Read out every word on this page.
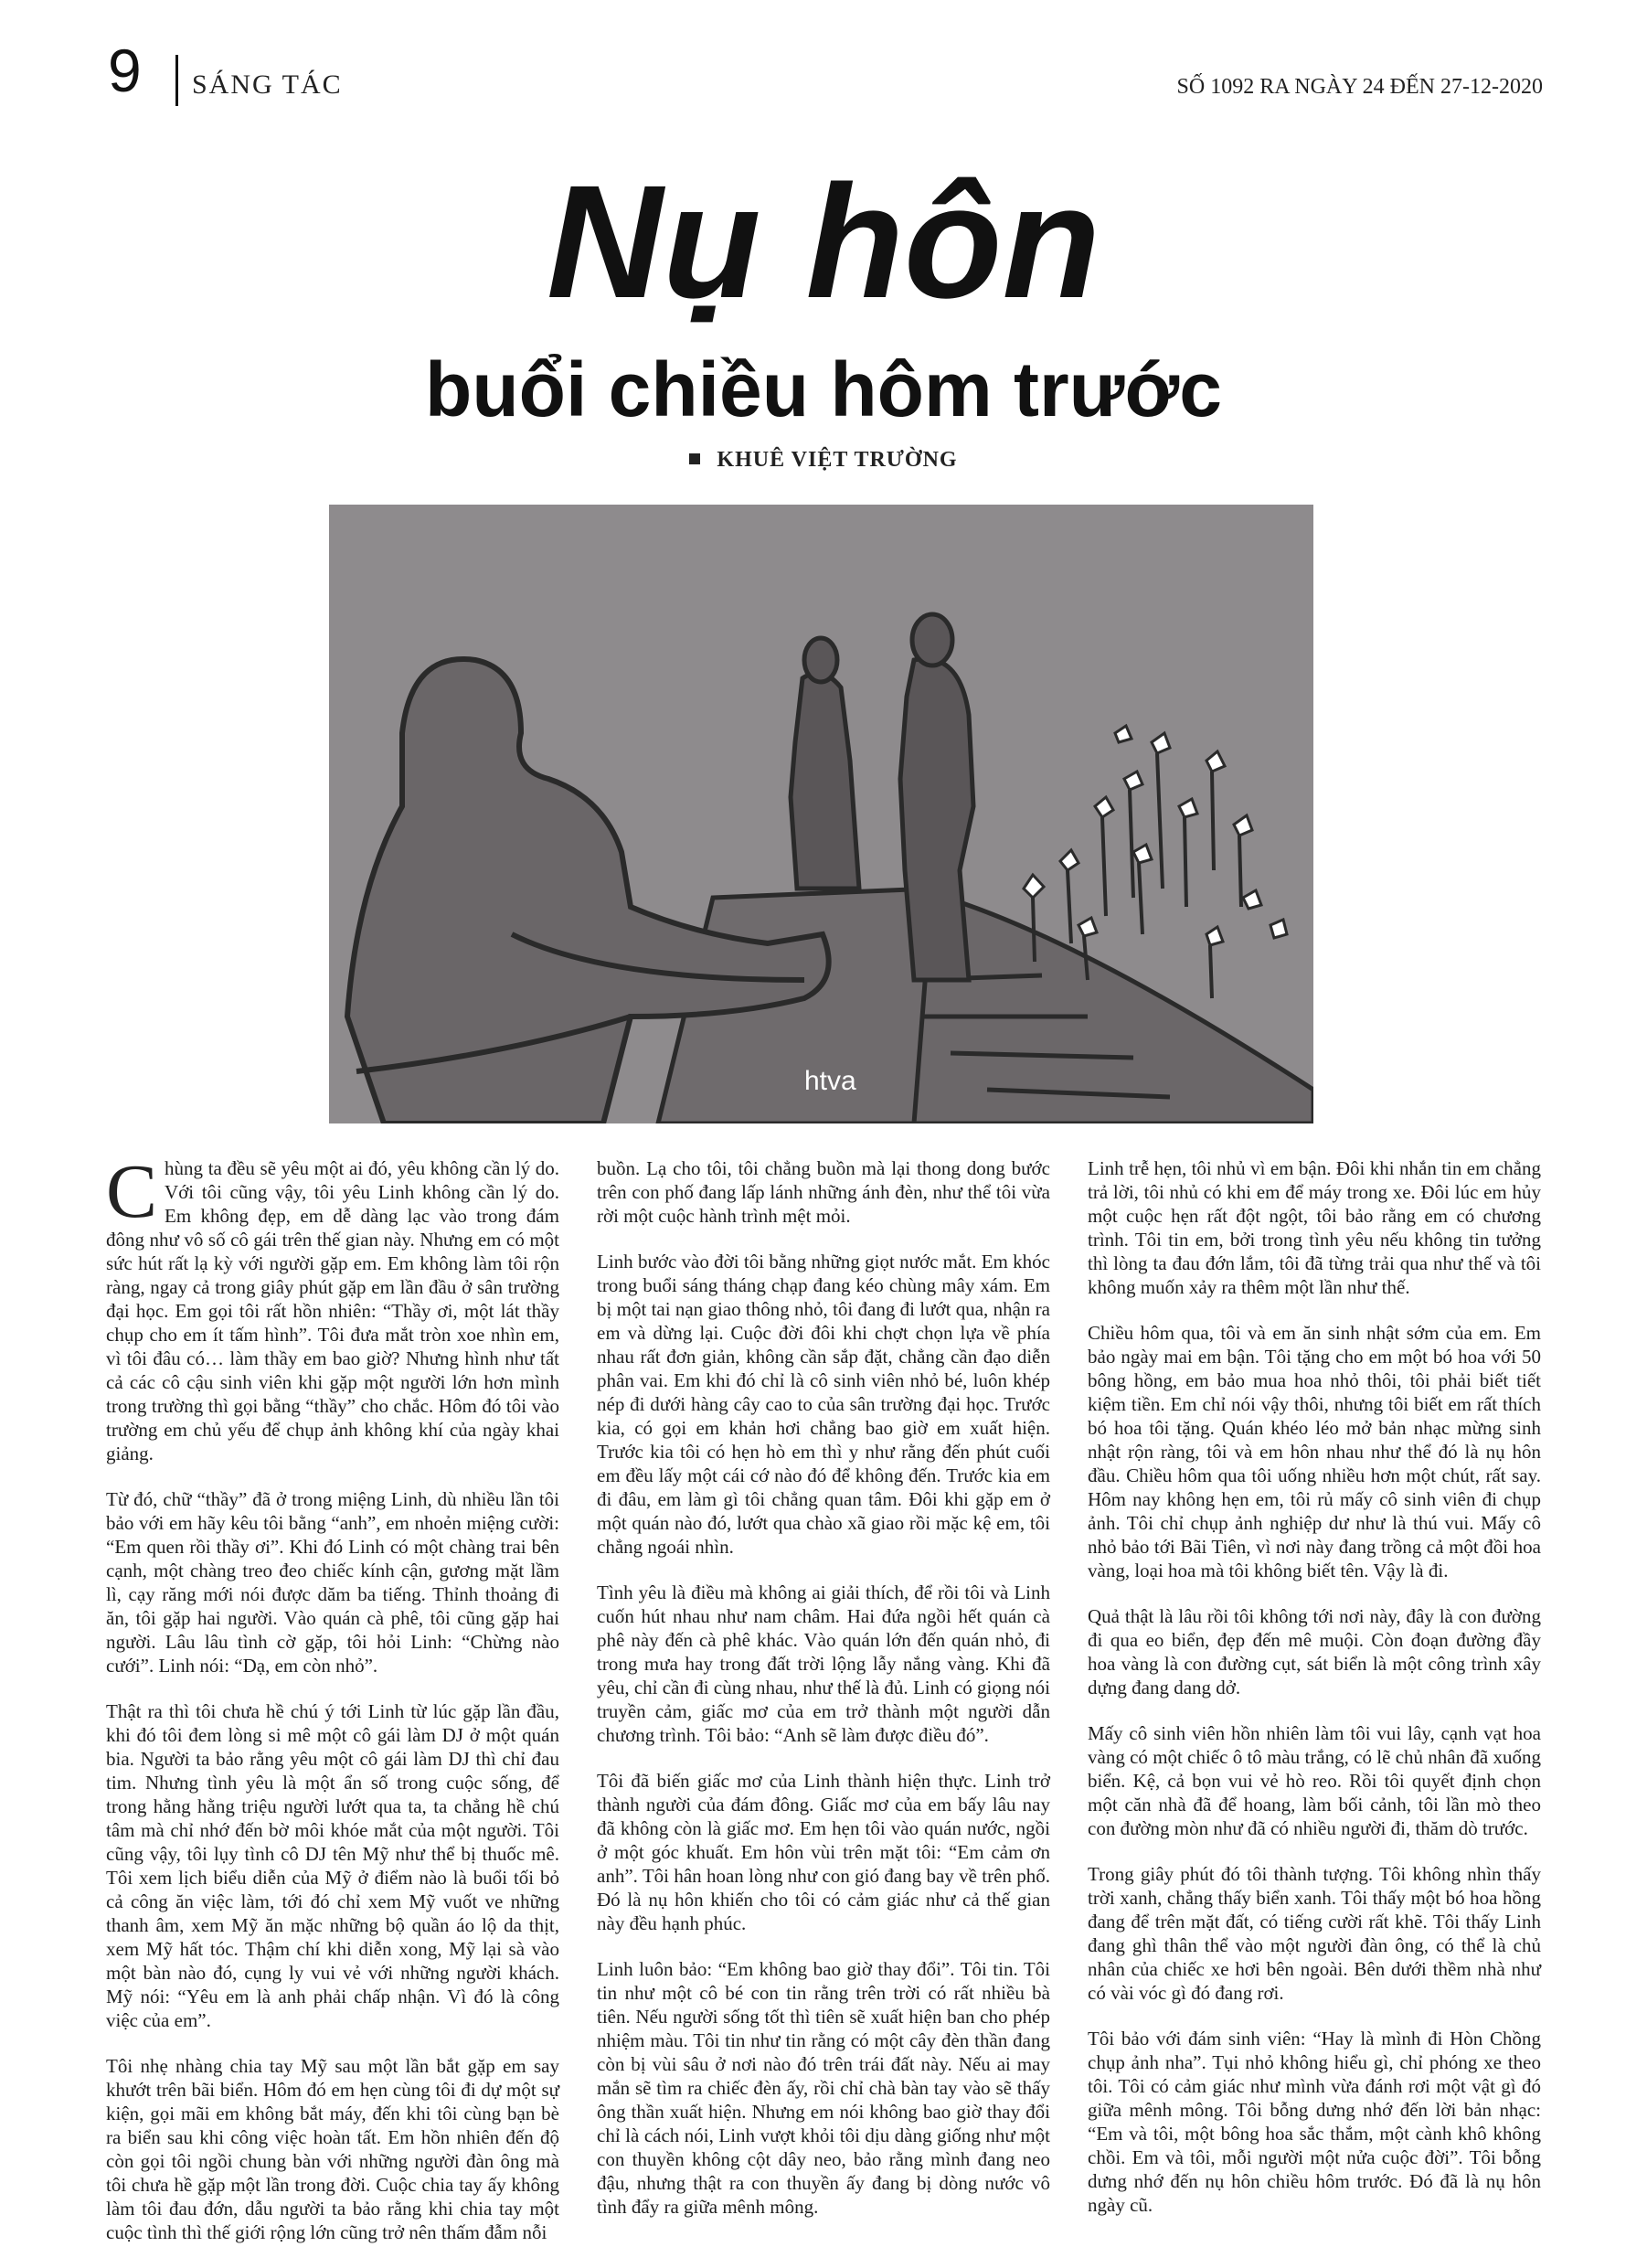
9 SÁNG TÁC	SỐ 1092 RA NGÀY 24 ĐẾN 27-12-2020
Nụ hôn
buổi chiều hôm trước
KHUÊ VIỆT TRƯỜNG
htva

Chùng ta đều sẽ yêu một ai đó, yêu không cần lý do. Với tôi cũng vậy, tôi yêu Linh không cần lý do. Em không đẹp, em dễ dàng lạc vào trong đám đông như vô số cô gái trên thế gian này. Nhưng em có một sức hút rất lạ kỳ với người gặp em. Em không làm tôi rộn ràng, ngay cả trong giây phút gặp em lần đầu ở sân trường đại học. Em gọi tôi rất hồn nhiên: “Thầy ơi, một lát thầy chụp cho em ít tấm hình”. Tôi đưa mắt tròn xoe nhìn em, vì tôi đâu có… làm thầy em bao giờ? Nhưng hình như tất cả các cô cậu sinh viên khi gặp một người lớn hơn mình trong trường thì gọi bằng “thầy” cho chắc. Hôm đó tôi vào trường em chủ yếu để chụp ảnh không khí của ngày khai giảng.

Từ đó, chữ “thầy” đã ở trong miệng Linh, dù nhiều lần tôi bảo với em hãy kêu tôi bằng “anh”, em nhoẻn miệng cười: “Em quen rồi thầy ơi”. Khi đó Linh có một chàng trai bên cạnh, một chàng treo đeo chiếc kính cận, gương mặt lầm lì, cạy răng mới nói được dăm ba tiếng. Thỉnh thoảng đi ăn, tôi gặp hai người. Vào quán cà phê, tôi cũng gặp hai người. Lâu lâu tình cờ gặp, tôi hỏi Linh: “Chừng nào cưới”. Linh nói: “Dạ, em còn nhỏ”.

Thật ra thì tôi chưa hề chú ý tới Linh từ lúc gặp lần đầu, khi đó tôi đem lòng si mê một cô gái làm DJ ở một quán bia. Người ta bảo rằng yêu một cô gái làm DJ thì chỉ đau tim. Nhưng tình yêu là một ẩn số trong cuộc sống, để trong hằng hằng triệu người lướt qua ta, ta chẳng hề chú tâm mà chỉ nhớ đến bờ môi khóe mắt của một người. Tôi cũng vậy, tôi lụy tình cô DJ tên Mỹ như thể bị thuốc mê. Tôi xem lịch biểu diễn của Mỹ ở điểm nào là buổi tối bỏ cả công ăn việc làm, tới đó chỉ xem Mỹ vuốt ve những thanh âm, xem Mỹ ăn mặc những bộ quần áo lộ da thịt, xem Mỹ hất tóc. Thậm chí khi diễn xong, Mỹ lại sà vào một bàn nào đó, cụng ly vui vẻ với những người khách. Mỹ nói: “Yêu em là anh phải chấp nhận. Vì đó là công việc của em”.

Tôi nhẹ nhàng chia tay Mỹ sau một lần bắt gặp em say khướt trên bãi biển. Hôm đó em hẹn cùng tôi đi dự một sự kiện, gọi mãi em không bắt máy, đến khi tôi cùng bạn bè ra biển sau khi công việc hoàn tất. Em hồn nhiên đến độ còn gọi tôi ngồi chung bàn với những người đàn ông mà tôi chưa hề gặp một lần trong đời. Cuộc chia tay ấy không làm tôi đau đớn, dẫu người ta bảo rằng khi chia tay một cuộc tình thì thế giới rộng lớn cũng trở nên thấm đẫm nỗi

buồn. Lạ cho tôi, tôi chẳng buồn mà lại thong dong bước trên con phố đang lấp lánh những ánh đèn, như thể tôi vừa rời một cuộc hành trình mệt mỏi.

Linh bước vào đời tôi bằng những giọt nước mắt. Em khóc trong buổi sáng tháng chạp đang kéo chùng mây xám. Em bị một tai nạn giao thông nhỏ, tôi đang đi lướt qua, nhận ra em và dừng lại. Cuộc đời đôi khi chợt chọn lựa về phía nhau rất đơn giản, không cần sắp đặt, chẳng cần đạo diễn phân vai. Em khi đó chỉ là cô sinh viên nhỏ bé, luôn khép nép đi dưới hàng cây cao to của sân trường đại học. Trước kia, có gọi em khản hơi chẳng bao giờ em xuất hiện. Trước kia tôi có hẹn hò em thì y như rằng đến phút cuối em đều lấy một cái cớ nào đó để không đến. Trước kia em đi đâu, em làm gì tôi chẳng quan tâm. Đôi khi gặp em ở một quán nào đó, lướt qua chào xã giao rồi mặc kệ em, tôi chẳng ngoái nhìn.

Tình yêu là điều mà không ai giải thích, để rồi tôi và Linh cuốn hút nhau như nam châm. Hai đứa ngồi hết quán cà phê này đến cà phê khác. Vào quán lớn đến quán nhỏ, đi trong mưa hay trong đất trời lộng lẫy nắng vàng. Khi đã yêu, chỉ cần đi cùng nhau, như thế là đủ. Linh có giọng nói truyền cảm, giấc mơ của em trở thành một người dẫn chương trình. Tôi bảo: “Anh sẽ làm được điều đó”.

Tôi đã biến giấc mơ của Linh thành hiện thực. Linh trở thành người của đám đông. Giấc mơ của em bấy lâu nay đã không còn là giấc mơ. Em hẹn tôi vào quán nước, ngồi ở một góc khuất. Em hôn vùi trên mặt tôi: “Em cảm ơn anh”. Tôi hân hoan lòng như con gió đang bay về trên phố. Đó là nụ hôn khiến cho tôi có cảm giác như cả thế gian này đều hạnh phúc.

Linh luôn bảo: “Em không bao giờ thay đổi”. Tôi tin. Tôi tin như một cô bé con tin rằng trên trời có rất nhiều bà tiên. Nếu người sống tốt thì tiên sẽ xuất hiện ban cho phép nhiệm màu. Tôi tin như tin rằng có một cây đèn thần đang còn bị vùi sâu ở nơi nào đó trên trái đất này. Nếu ai may mắn sẽ tìm ra chiếc đèn ấy, rồi chỉ chà bàn tay vào sẽ thấy ông thần xuất hiện. Nhưng em nói không bao giờ thay đổi chỉ là cách nói, Linh vượt khỏi tôi dịu dàng giống như một con thuyền không cột dây neo, bảo rằng mình đang neo đậu, nhưng thật ra con thuyền ấy đang bị dòng nước vô tình đẩy ra giữa mênh mông.

Linh trễ hẹn, tôi nhủ vì em bận. Đôi khi nhắn tin em chẳng trả lời, tôi nhủ có khi em để máy trong xe. Đôi lúc em hủy một cuộc hẹn rất đột ngột, tôi bảo rằng em có chương trình. Tôi tin em, bởi trong tình yêu nếu không tin tưởng thì lòng ta đau đớn lắm, tôi đã từng trải qua như thế và tôi không muốn xảy ra thêm một lần như thế.

Chiều hôm qua, tôi và em ăn sinh nhật sớm của em. Em bảo ngày mai em bận. Tôi tặng cho em một bó hoa với 50 bông hồng, em bảo mua hoa nhỏ thôi, tôi phải biết tiết kiệm tiền. Em chỉ nói vậy thôi, nhưng tôi biết em rất thích bó hoa tôi tặng. Quán khéo léo mở bản nhạc mừng sinh nhật rộn ràng, tôi và em hôn nhau như thể đó là nụ hôn đầu. Chiều hôm qua tôi uống nhiều hơn một chút, rất say. Hôm nay không hẹn em, tôi rủ mấy cô sinh viên đi chụp ảnh. Tôi chỉ chụp ảnh nghiệp dư như là thú vui. Mấy cô nhỏ bảo tới Bãi Tiên, vì nơi này đang trồng cả một đồi hoa vàng, loại hoa mà tôi không biết tên. Vậy là đi.

Quả thật là lâu rồi tôi không tới nơi này, đây là con đường đi qua eo biển, đẹp đến mê muội. Còn đoạn đường đầy hoa vàng là con đường cụt, sát biển là một công trình xây dựng đang dang dở.

Mấy cô sinh viên hồn nhiên làm tôi vui lây, cạnh vạt hoa vàng có một chiếc ô tô màu trắng, có lẽ chủ nhân đã xuống biển. Kệ, cả bọn vui vẻ hò reo. Rồi tôi quyết định chọn một căn nhà đã để hoang, làm bối cảnh, tôi lần mò theo con đường mòn như đã có nhiều người đi, thăm dò trước.

Trong giây phút đó tôi thành tượng. Tôi không nhìn thấy trời xanh, chẳng thấy biển xanh. Tôi thấy một bó hoa hồng đang để trên mặt đất, có tiếng cười rất khẽ. Tôi thấy Linh đang ghì thân thể vào một người đàn ông, có thể là chủ nhân của chiếc xe hơi bên ngoài. Bên dưới thềm nhà như có vài vóc gì đó đang rơi.

Tôi bảo với đám sinh viên: “Hay là mình đi Hòn Chồng chụp ảnh nha”. Tụi nhỏ không hiểu gì, chỉ phóng xe theo tôi. Tôi có cảm giác như mình vừa đánh rơi một vật gì đó giữa mênh mông. Tôi bỗng dưng nhớ đến lời bản nhạc: “Em và tôi, một bông hoa sắc thắm, một cành khô không chồi. Em và tôi, mỗi người một nửa cuộc đời”. Tôi bỗng dưng nhớ đến nụ hôn chiều hôm trước. Đó đã là nụ hôn ngày cũ.
